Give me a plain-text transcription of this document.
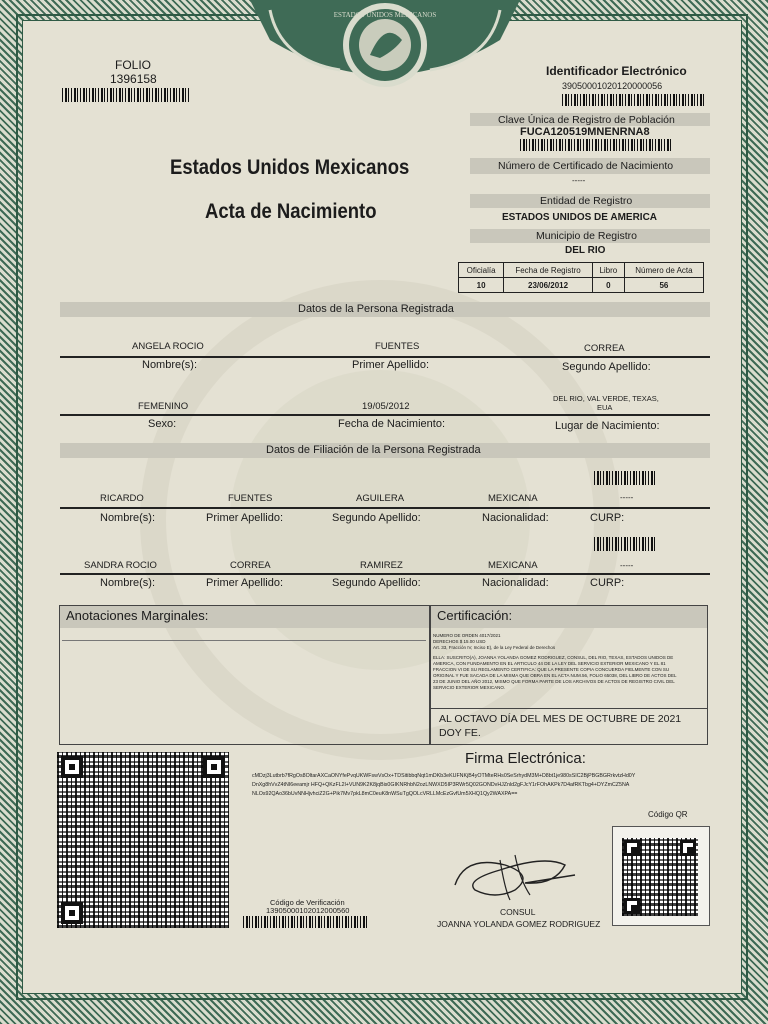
ESTADOS UNIDOS MEXICANOS
FOLIO
1396158
Estados Unidos Mexicanos
Acta de Nacimiento
Identificador Electrónico
39050001020120000056
Clave Única de Registro de Población
FUCA120519MNENRNA8
Número de Certificado de Nacimiento
-----
Entidad de Registro
ESTADOS UNIDOS DE AMERICA
Municipio de Registro
DEL RIO
Oficialía	Fecha de Registro	Libro	Número de Acta
10	23/06/2012	0	56
Datos de la Persona Registrada
ANGELA ROCIO	FUENTES	CORREA
Nombre(s):	Primer Apellido:	Segundo Apellido:
FEMENINO	19/05/2012
DEL RIO, VAL VERDE, TEXAS,
EUA
Sexo:	Fecha de Nacimiento:	Lugar de Nacimiento:
Datos de Filiación de la Persona Registrada
RICARDO	FUENTES	AGUILERA	MEXICANA	-----
Nombre(s):	Primer Apellido:	Segundo Apellido:	Nacionalidad:	CURP:
SANDRA ROCIO	CORREA	RAMIREZ	MEXICANA	-----
Nombre(s):	Primer Apellido:	Segundo Apellido:	Nacionalidad:	CURP:
Anotaciones Marginales:	Certificación:
NUMERO DE ORDEN 4017/2021
DERECHOS $ 15.00 USD
Art. 33, Fracción IV, Inciso E), de la Ley Federal de Derechos
ELLA: SUSCRITO(A), JOANNA YOLANDA GOMEZ RODRIGUEZ, CONSUL, DEL RIO, TEXAS, ESTADOS UNIDOS DE
AMERICA, CON FUNDAMENTO EN EL ARTICULO 44 DE LA LEY DEL SERVICIO EXTERIOR MEXICANO Y EL 81
FRACCION VI DE SU REGLAMENTO CERTIFICA: QUE LA PRESENTE COPIA CONCUERDA FIELMENTE CON SU
ORIGINAL Y FUE SACADA DE LA MISMA QUE OBRA EN EL ACTA NUM.56, FOLIO 65038, DEL LIBRO DE ACTOS DEL
23 DE JUNIO DEL AÑO 2012, MISMO QUE FORMA PARTE DE LOS ARCHIVOS DE ACTOS DE REGISTRO CIVIL DEL
SERVICIO EXTERIOR MEXICANO.
AL OCTAVO DÍA DEL MES DE OCTUBRE DE 2021
DOY FE.
Firma Electrónica:
cMDzj3Lutbrb7fRgOs8OltarAXCaONYfePvqUKWFswVsOx+TDSitibbqNqt1mDKb3eKUFNKjB4yOTMteRHs0SeSrhydM3M+D8bt1je980sSIC2BjPBGBGRrkvtzHd0Y
DnXg8hVvZ4tNI6eeamjr HFQ+QKzFL2l+VUN9K2K8jqBis0GIKNRhbN2ozLNWXD5IP3RWr5Q02GONDvHJZnld2gFJcY1rFOhAKPk7D4afRKTbg4+DYZmCZ5NA
NLOs92QAo36bUvNNHjvhciZ2G+Pik7Mv7pkL8mC0euK8nWSuTgQOLcVRLLMcEzGvfUm5XHQ1Qy2WAXPA==
Código de Verificación
13905000102012000560	CONSUL
JOANNA YOLANDA GOMEZ RODRIGUEZ
Código QR
